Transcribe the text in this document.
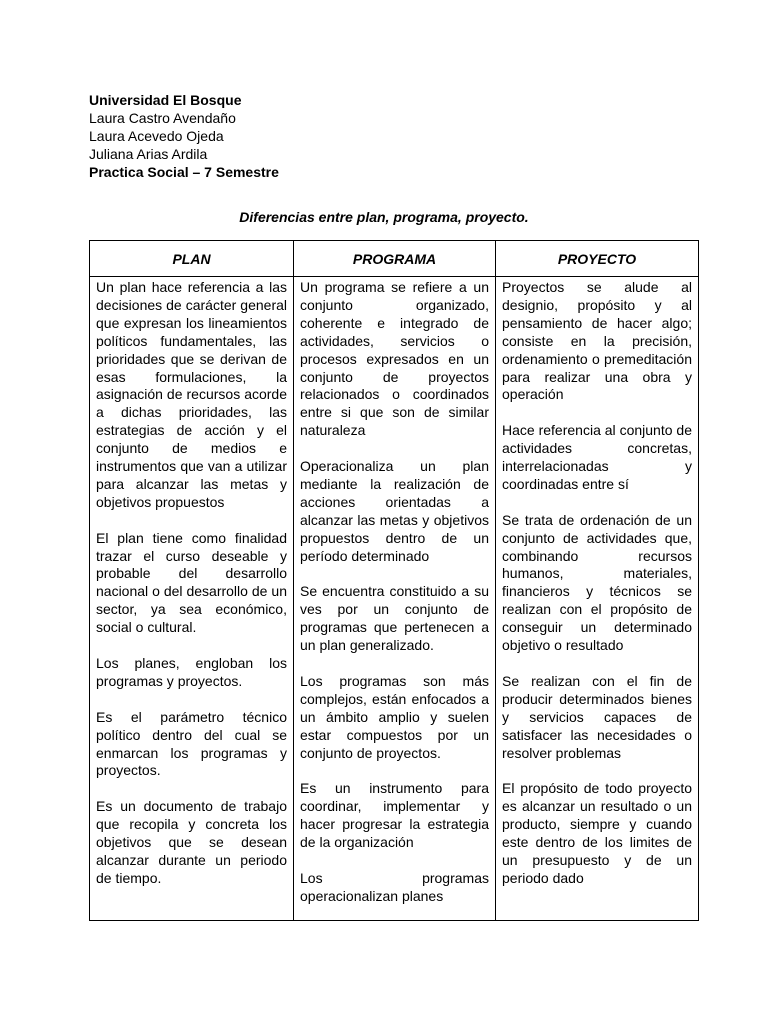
Universidad El Bosque
Laura Castro Avendaño
Laura Acevedo Ojeda
Juliana Arias Ardila
Practica Social – 7 Semestre
Diferencias entre plan, programa, proyecto.
PLAN	PROGRAMA	PROYECTO

Un plan hace referencia a las decisiones de carácter general que expresan los lineamientos políticos fundamentales, las prioridades que se derivan de esas formulaciones, la asignación de recursos acorde a dichas prioridades, las estrategias de acción y el conjunto de medios e instrumentos que van a utilizar para alcanzar las metas y objetivos propuestos

El plan tiene como finalidad trazar el curso deseable y probable del desarrollo nacional o del desarrollo de un sector, ya sea económico, social o cultural.

Los planes, engloban los programas y proyectos.

Es el parámetro técnico político dentro del cual se enmarcan los programas y proyectos.

Es un documento de trabajo que recopila y concreta los objetivos que se desean alcanzar durante un periodo de tiempo.

Un programa se refiere a un conjunto organizado, coherente e integrado de actividades, servicios o procesos expresados en un conjunto de proyectos relacionados o coordinados entre si que son de similar naturaleza

Operacionaliza un plan mediante la realización de acciones orientadas a alcanzar las metas y objetivos propuestos dentro de un período determinado

Se encuentra constituido a su ves por un conjunto de programas que pertenecen a un plan generalizado.

Los programas son más complejos, están enfocados a un ámbito amplio y suelen estar compuestos por un conjunto de proyectos.

Es un instrumento para coordinar, implementar y hacer progresar la estrategia de la organización

Los programas operacionalizan planes

Proyectos se alude al designio, propósito y al pensamiento de hacer algo; consiste en la precisión, ordenamiento o premeditación para realizar una obra y operación

Hace referencia al conjunto de actividades concretas, interrelacionadas y coordinadas entre sí

Se trata de ordenación de un conjunto de actividades que, combinando recursos humanos, materiales, financieros y técnicos se realizan con el propósito de conseguir un determinado objetivo o resultado

Se realizan con el fin de producir determinados bienes y servicios capaces de satisfacer las necesidades o resolver problemas

El propósito de todo proyecto es alcanzar un resultado o un producto, siempre y cuando este dentro de los limites de un presupuesto y de un periodo dado
